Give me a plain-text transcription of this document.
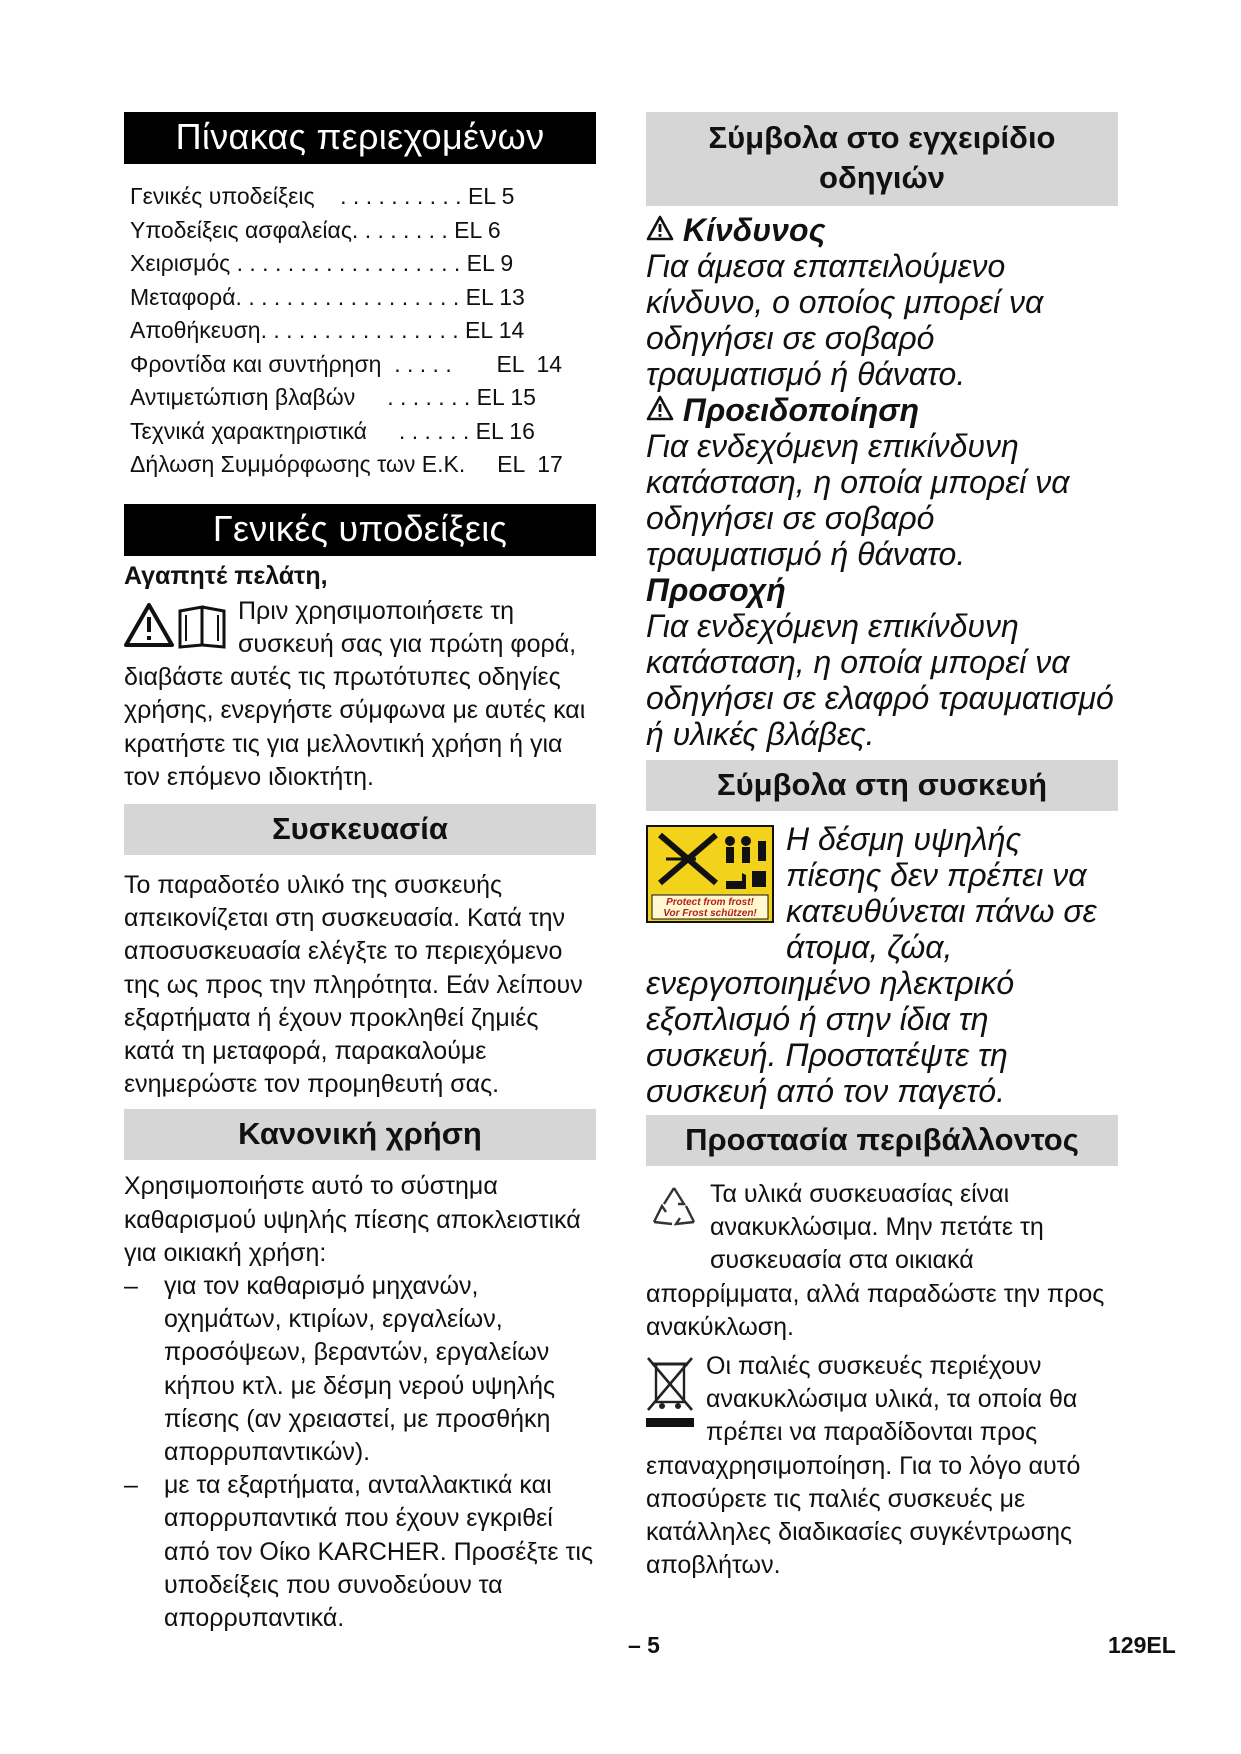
Πίνακας περιεχομένων
Γενικές υποδείξεις    . . . . . . . . . . EL 5
Υποδείξεις ασφαλείας. . . . . . . . EL 6
Χειρισμός . . . . . . . . . . . . . . . . . . EL 9
Μεταφορά. . . . . . . . . . . . . . . . . . EL 13
Αποθήκευση. . . . . . . . . . . . . . . . EL 14
Φροντίδα και συντήρηση  . . . . .       EL  14
Αντιμετώπιση βλαβών     . . . . . . . EL 15
Τεχνικά χαρακτηριστικά     . . . . . . EL 16
Δήλωση Συμμόρφωσης των Ε.Κ.     EL  17
Γενικές υποδείξεις
Αγαπητέ πελάτη,
Πριν χρησιμοποιήσετε τη συσκευή σας για πρώτη φορά, διαβάστε αυτές τις πρωτότυπες οδηγίες χρήσης, ενεργήστε σύμφωνα με αυτές και κρατήστε τις για μελλοντική χρήση ή για τον επόμενο ιδιοκτήτη.
Συσκευασία

Το παραδοτέο υλικό της συσκευής απεικονίζεται στη συσκευασία. Κατά την αποσυσκευασία ελέγξτε το περιεχόμενο της ως προς την πληρότητα. Εάν λείπουν εξαρτήματα ή έχουν προκληθεί ζημιές κατά τη μεταφορά, παρακαλούμε ενημερώστε τον προμηθευτή σας.

Κανονική χρήση

Χρησιμοποιήστε αυτό το σύστημα καθαρισμού υψηλής πίεσης αποκλειστικά για οικιακή χρήση:

– για τον καθαρισμό μηχανών, οχημάτων, κτιρίων, εργαλείων, προσόψεων, βεραντών, εργαλείων κήπου κτλ. με δέσμη νερού υψηλής πίεσης (αν χρειαστεί, με προσθήκη απορρυπαντικών).
– με τα εξαρτήματα, ανταλλακτικά και απορρυπαντικά που έχουν εγκριθεί από τον Οίκο KARCHER. Προσέξτε τις υποδείξεις που συνοδεύουν τα απορρυπαντικά.
Σύμβολα στο εγχειρίδιο οδηγιών
Κίνδυνος
Για άμεσα επαπειλούμενο κίνδυνο, ο οποίος μπορεί να οδηγήσει σε σοβαρό τραυματισμό ή θάνατο.
Προειδοποίηση
Για ενδεχόμενη επικίνδυνη κατάσταση, η οποία μπορεί να οδηγήσει σε σοβαρό τραυματισμό ή θάνατο.
Προσοχή
Για ενδεχόμενη επικίνδυνη κατάσταση, η οποία μπορεί να οδηγήσει σε ελαφρό τραυματισμό ή υλικές βλάβες.
Σύμβολα στη συσκευή
Protect from frost!
Vor Frost schützen!
Η δέσμη υψηλής πίεσης δεν πρέπει να κατευθύνεται πάνω σε άτομα, ζώα, ενεργοποιημένο ηλεκτρικό εξοπλισμό ή στην ίδια τη συσκευή. Προστατέψτε τη συσκευή από τον παγετό.
Προστασία περιβάλλοντος
Τα υλικά συσκευασίας είναι ανακυκλώσιμα. Μην πετάτε τη συσκευασία στα οικιακά απορρίμματα, αλλά παραδώστε την προς ανακύκλωση.
Οι παλιές συσκευές περιέχουν ανακυκλώσιμα υλικά, τα οποία θα πρέπει να παραδίδονται προς επαναχρησιμοποίηση. Για το λόγο αυτό αποσύρετε τις παλιές συσκευές με κατάλληλες διαδικασίες συγκέντρωσης αποβλήτων.
– 5	129EL
